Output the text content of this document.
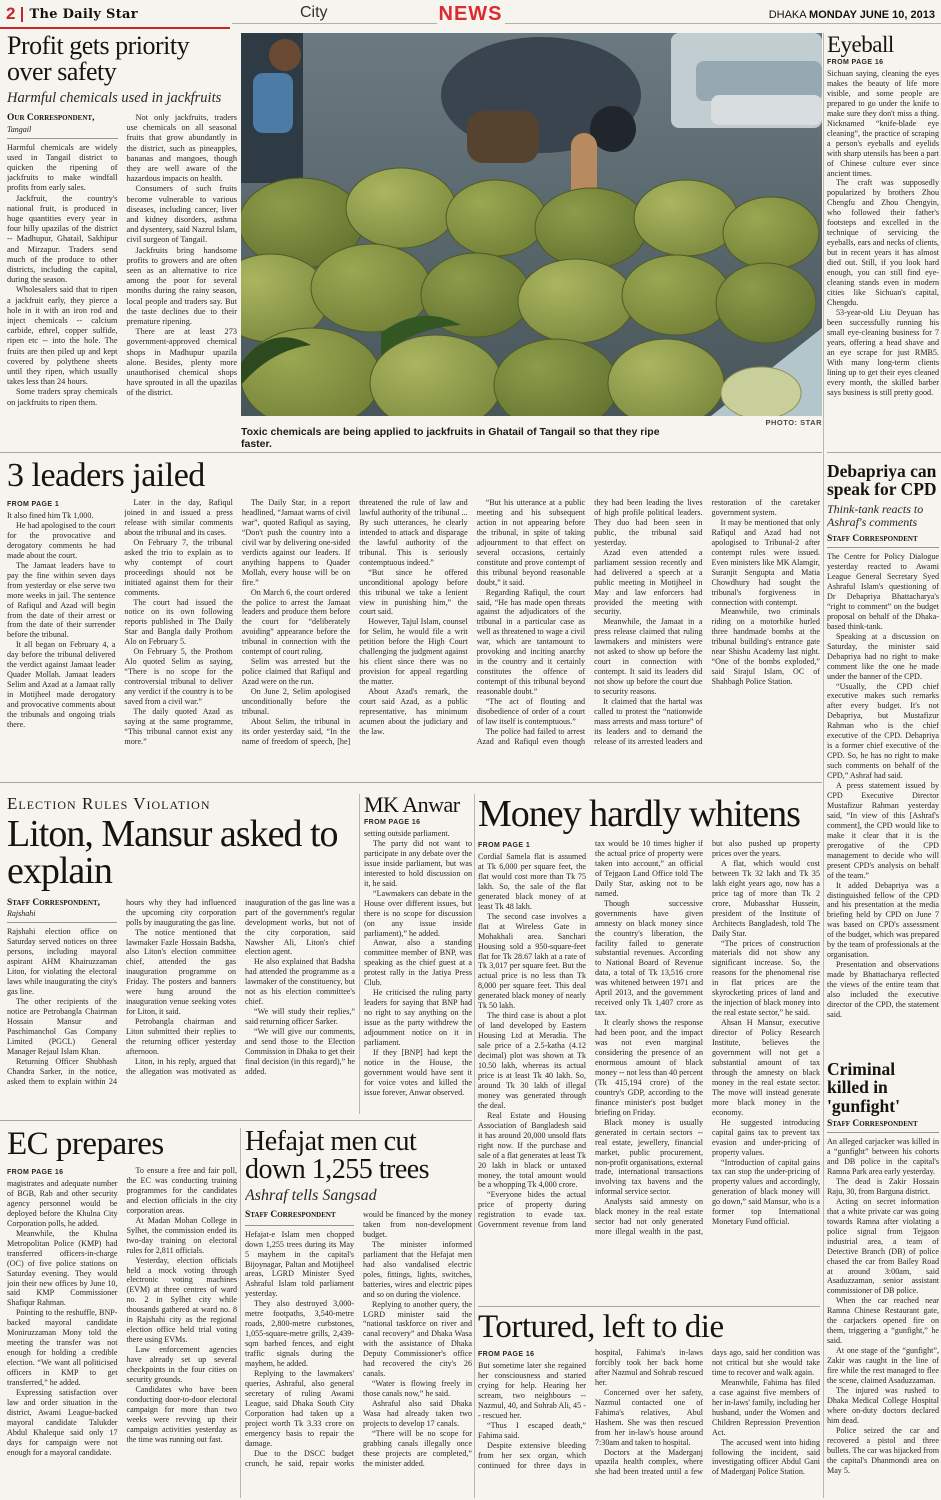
2 The Daily Star	City	NEWS	DHAKA MONDAY JUNE 10, 2013
Profit gets priority over safety
Harmful chemicals used in jackfruits
Our Correspondent,
Tangail

Harmful chemicals are widely used in Tangail district to quicken the ripening of jackfruits to make windfall profits from early sales.

Jackfruit, the country's national fruit, is produced in huge quantities every year in four hilly upazilas of the district -- Madhupur, Ghatail, Sakhipur and Mirzapur. Traders send much of the produce to other districts, including the capital, during the season.

Wholesalers said that to ripen a jackfruit early, they pierce a hole in it with an iron rod and inject chemicals -- calcium carbide, ethrel, copper sulfide, ripen etc -- into the hole. The fruits are then piled up and kept covered by polythene sheets until they ripen, which usually takes less than 24 hours.

Some traders spray chemicals on jackfruits to ripen them.

Not only jackfruits, traders use chemicals on all seasonal fruits that grow abundantly in the district, such as pineapples, bananas and mangoes, though they are well aware of the hazardous impacts on health.

Consumers of such fruits become vulnerable to various diseases, including cancer, liver and kidney disorders, asthma and dysentery, said Nazrul Islam, civil surgeon of Tangail.

Jackfruits bring handsome profits to growers and are often seen as an alternative to rice among the poor for several months during the rainy season, local people and traders say. But the taste declines due to their premature ripening.

There are at least 273 government-approved chemical shops in Madhupur upazila alone. Besides, plenty more unauthorised chemical shops have sprouted in all the upazilas of the district.

Toxic chemicals are being applied to jackfruits in Ghatail of Tangail so that they ripe faster.
PHOTO: STAR
Eyeball
FROM PAGE 16

Sichuan saying, cleaning the eyes makes the beauty of life more visible, and some people are prepared to go under the knife to make sure they don't miss a thing. Nicknamed “knife-blade eye cleaning”, the practice of scraping a person's eyeballs and eyelids with sharp utensils has been a part of Chinese culture ever since ancient times.

The craft was supposedly popularized by brothers Zhou Chengfu and Zhou Chengyin, who followed their father's footsteps and excelled in the technique of servicing the eyeballs, ears and necks of clients, but in recent years it has almost died out. Still, if you look hard enough, you can still find eye-cleaning stands even in modern cities like Sichuan's capital, Chengdu.

53-year-old Liu Deyuan has been successfully running his small eye-cleaning business for 7 years, offering a head shave and an eye scrape for just RMB5. With many long-term clients lining up to get their eyes cleaned every month, the skilled barber says business is still pretty good.

3 leaders jailed
FROM PAGE 1

It also fined him Tk 1,000.

He had apologised to the court for the provocative and derogatory comments he had made about the court.

The Jamaat leaders have to pay the fine within seven days from yesterday or else serve two more weeks in jail. The sentence of Rafiqul and Azad will begin from the date of their arrest or from the date of their surrender before the tribunal.

It all began on February 4, a day before the tribunal delivered the verdict against Jamaat leader Quader Mollah. Jamaat leaders Selim and Azad at a Jamaat rally in Motijheel made derogatory and provocative comments about the tribunals and ongoing trials there.

Later in the day, Rafiqul joined in and issued a press release with similar comments about the tribunal and its cases.

On February 7, the tribunal asked the trio to explain as to why contempt of court proceedings should not be initiated against them for their comments.

The court had issued the notice on its own following reports published in The Daily Star and Bangla daily Prothom Alo on February 5.

On February 5, the Prothom Alo quoted Selim as saying, “There is no scope for the controversial tribunal to deliver any verdict if the country is to be saved from a civil war.”

The daily quoted Azad as saying at the same programme, “This tribunal cannot exist any more.”

The Daily Star, in a report headlined, “Jamaat warns of civil war”, quoted Rafiqul as saying, “Don't push the country into a civil war by delivering one-sided verdicts against our leaders. If anything happens to Quader Mollah, every house will be on fire.”

On March 6, the court ordered the police to arrest the Jamaat leaders and produce them before the court for “deliberately avoiding” appearance before the tribunal in connection with the contempt of court ruling.

Selim was arrested but the police claimed that Rafiqul and Azad were on the run.

On June 2, Selim apologised unconditionally before the tribunal.

About Selim, the tribunal in its order yesterday said, “In the name of freedom of speech, [he] threatened the rule of law and lawful authority of the tribunal ... By such utterances, he clearly intended to attack and disparage the lawful authority of the tribunal. This is seriously contemptuous indeed.”

“But since he offered unconditional apology before this tribunal we take a lenient view in punishing him,” the court said.

However, Tajul Islam, counsel for Selim, he would file a writ petition before the High Court challenging the judgment against his client since there was no provision for appeal regarding the matter.

About Azad's remark, the court said Azad, as a public representative, has minimum acumen about the judiciary and the law.

“But his utterance at a public meeting and his subsequent action in not appearing before the tribunal, in spite of taking adjournment to that effect on several occasions, certainly constitute and prove contempt of this tribunal beyond reasonable doubt,” it said.

Regarding Rafiqul, the court said, “He has made open threats against the adjudicators of the tribunal in a particular case as well as threatened to wage a civil war, which are tantamount to provoking and inciting anarchy in the country and it certainly constitutes the offence of contempt of this tribunal beyond reasonable doubt.”

“The act of flouting and disobedience of order of a court of law itself is contemptuous.”

The police had failed to arrest Azad and Rafiqul even though they had been leading the lives of high profile political leaders. They duo had been seen in public, the tribunal said yesterday.

Azad even attended a parliament session recently and had delivered a speech at a public meeting in Motijheel in May and law enforcers had provided the meeting with security.

Meanwhile, the Jamaat in a press release claimed that ruling lawmakers and ministers were not asked to show up before the court in connection with contempt. It said its leaders did not show up before the court due to security reasons.

It claimed that the hartal was called to protest the “nationwide mass arrests and mass torture” of its leaders and to demand the release of its arrested leaders and restoration of the caretaker government system.

It may be mentioned that only Rafiqul and Azad had not apologised to Tribunal-2 after contempt rules were issued. Even ministers like MK Alamgir, Suranjit Sengupta and Matia Chowdhury had sought the tribunal's forgiveness in connection with contempt.

Meanwhile, two criminals riding on a motorbike hurled three handmade bombs at the tribunal building's entrance gate near Shishu Academy last night. “One of the bombs exploded,” said Sirajul Islam, OC of Shahbagh Police Station.

Debapriya can speak for CPD
Think-tank reacts to Ashraf's comments
Staff Correspondent

The Centre for Policy Dialogue yesterday reacted to Awami League General Secretary Syed Ashraful Islam's questioning of Dr Debapriya Bhattacharya's “right to comment” on the budget proposal on behalf of the Dhaka-based think-tank.

Speaking at a discussion on Saturday, the minister said Debapriya had no right to make comment like the one he made under the banner of the CPD.

“Usually, the CPD chief executive makes such remarks after every budget. It's not Debapriya, but Mustafizur Rahman who is the chief executive of the CPD. Debapriya is a former chief executive of the CPD. So, he has no right to make such comments on behalf of the CPD,” Ashraf had said.

A press statement issued by CPD Executive Director Mustafizur Rahman yesterday said, “In view of this [Ashraf's comment], the CPD would like to make it clear that it is the prerogative of the CPD management to decide who will present CPD's analysis on behalf of the team.”

It added Debapriya was a distinguished fellow of the CPD and his presentation at the media briefing held by CPD on June 7 was based on CPD's assessment of the budget, which was prepared by the team of professionals at the organisation.

Presentation and observations made by Bhattacharya reflected the views of the entire team that also included the executive director of the CPD, the statement said.

Election Rules Violation
Liton, Mansur asked to explain
Staff Correspondent,
Rajshahi

Rajshahi election office on Saturday served notices on three persons, including mayoral aspirant AHM Khairuzzaman Liton, for violating the electoral laws while inaugurating the city's gas line.

The other recipients of the notice are Petrobangla Chairman Hossain Mansur and Paschimanchol Gas Company Limited (PGCL) General Manager Rejaul Islam Khan.

Returning Officer Shubhash Chandra Sarker, in the notice, asked them to explain within 24 hours why they had influenced the upcoming city corporation polls by inaugurating the gas line.

The notice mentioned that lawmaker Fazle Hossain Badsha, also Liton's election committee chief, attended the gas inauguration programme on Friday. The posters and banners were hung around the inauguration venue seeking votes for Liton, it said.

Petrobangla chairman and Liton submitted their replies to the returning officer yesterday afternoon.

Liton, in his reply, argued that the allegation was motivated as inauguration of the gas line was a part of the government's regular development works, but not of the city corporation, said Nawsher Ali, Liton's chief election agent.

He also explained that Badsha had attended the programme as a lawmaker of the constituency, but not as his election committee's chief.

“We will study their replies,” said returning officer Sarker.

“We will give our comments, and send those to the Election Commission in Dhaka to get their final decision (in this regard),” he added.

MK Anwar
FROM PAGE 16

setting outside parliament.

The party did not want to participate in any debate over the issue inside parliament, but was interested to hold discussion on it, he said.

“Lawmakers can debate in the House over different issues, but there is no scope for discussion (on any issue inside parliament),” he added.

Anwar, also a standing committee member of BNP, was speaking as the chief guest at a protest rally in the Jatiya Press Club.

He criticised the ruling party leaders for saying that BNP had no right to say anything on the issue as the party withdrew the adjournment notice on it in parliament.

If they [BNP] had kept the notice in the House, the government would have sent it for voice votes and killed the issue forever, Anwar observed.

Money hardly whitens
FROM PAGE 1

Cordial Samela flat is assumed at Tk 6,000 per square feet, the flat would cost more than Tk 75 lakh. So, the sale of the flat generated black money of at least Tk 48 lakh.

The second case involves a flat at Wireless Gate in Mohakhali area. Sanchari Housing sold a 950-square-feet flat for Tk 28.67 lakh at a rate of Tk 3,017 per square feet. But the actual price is no less than Tk 8,000 per square feet. This deal generated black money of nearly Tk 50 lakh.

The third case is about a plot of land developed by Eastern Housing Ltd at Meradia. The sale price of a 2.5-katha (4.12 decimal) plot was shown at Tk 10.50 lakh, whereas its actual price is at least Tk 40 lakh. So, around Tk 30 lakh of illegal money was generated through the deal.

Real Estate and Housing Association of Bangladesh said it has around 20,000 unsold flats right now. If the purchase and sale of a flat generates at least Tk 20 lakh in black or untaxed money, the total amount would be a whopping Tk 4,000 crore.

“Everyone hides the actual price of property during registration to evade tax. Government revenue from land tax would be 10 times higher if the actual price of property were taken into account,” an official of Tejgaon Land Office told The Daily Star, asking not to be named.

Though successive governments have given amnesty on black money since the country's liberation, the facility failed to generate substantial revenues. According to National Board of Revenue data, a total of Tk 13,516 crore was whitened between 1971 and April 2013, and the government received only Tk 1,407 crore as tax.

It clearly shows the response had been poor, and the impact was not even marginal considering the presence of an enormous amount of black money -- not less than 40 percent (Tk 415,194 crore) of the country's GDP, according to the finance minister's post budget briefing on Friday.

Black money is usually generated in certain sectors -- real estate, jewellery, financial market, public procurement, non-profit organisations, external trade, international transactions involving tax havens and the informal service sector.

Analysts said amnesty on black money in the real estate sector had not only generated more illegal wealth in the past, but also pushed up property prices over the years.

A flat, which would cost between Tk 32 lakh and Tk 35 lakh eight years ago, now has a price tag of more than Tk 2 crore, Mubasshar Hussein, president of the Institute of Architects Bangladesh, told The Daily Star.

“The prices of construction materials did not show any significant increase. So, the reasons for the phenomenal rise in flat prices are the skyrocketing prices of land and the injection of black money into the real estate sector,” he said.

Ahsan H Mansur, executive director of Policy Research Institute, believes the government will not get a substantial amount of tax through the amnesty on black money in the real estate sector. The move will instead generate more black money in the economy.

He suggested introducing capital gains tax to prevent tax evasion and under-pricing of property values.

“Introduction of capital gains tax can stop the under-pricing of property values and accordingly, generation of black money will go down,” said Mansur, who is a former top International Monetary Fund official.

EC prepares
FROM PAGE 16

magistrates and adequate number of BGB, Rab and other security agency personnel would be deployed before the Khulna City Corporation polls, he added.

Meanwhile, the Khulna Metropolitan Police (KMP) had transferred officers-in-charge (OC) of five police stations on Saturday evening. They would join their new offices by June 10, said KMP Commissioner Shafiqur Rahman.

Pointing to the reshuffle, BNP-backed mayoral candidate Moniruzzaman Mony told the meeting the transfer was not enough for holding a credible election. “We want all politicised officers in KMP to get transferred,” he added.

Expressing satisfaction over law and order situation in the district, Awami League-backed mayoral candidate Talukder Abdul Khaleque said only 17 days for campaign were not enough for a mayoral candidate.

To ensure a free and fair poll, the EC was conducting training programmes for the candidates and election officials in the city corporation areas.

At Madan Mohan College in Sylhet, the commission ended its two-day training on electoral rules for 2,811 officials.

Yesterday, election officials held a mock voting through electronic voting machines (EVM) at three centres of ward no. 2 in Sylhet city while thousands gathered at ward no. 8 in Rajshahi city as the regional election office held trial voting there using EVMs.

Law enforcement agencies have already set up several checkpoints in the four cities on security grounds.

Candidates who have been conducting door-to-door electoral campaign for more than two weeks were revving up their campaign activities yesterday as the time was running out fast.

Hefajat men cut down 1,255 trees
Ashraf tells Sangsad
Staff Correspondent

Hefajat-e Islam men chopped down 1,255 trees during its May 5 mayhem in the capital's Bijoynagar, Paltan and Motijheel areas, LGRD Minister Syed Ashraful Islam told parliament yesterday.

They also destroyed 3,000-metre footpaths, 3,540-metre roads, 2,800-metre curbstones, 1,055-square-metre grills, 2,439-sqm barbed fences, and eight traffic signals during the mayhem, he added.

Replying to the lawmakers' queries, Ashraful, also general secretary of ruling Awami League, said Dhaka South City Corporation had taken up a project worth Tk 3.33 crore on emergency basis to repair the damage.

Due to the DSCC budget crunch, he said, repair works would be financed by the money taken from non-development budget.

The minister informed parliament that the Hefajat men had also vandalised electric poles, fittings, lights, switches, batteries, wires and electric pipes and so on during the violence.

Replying to another query, the LGRD minister said the “national taskforce on river and canal recovery” and Dhaka Wasa with the assistance of Dhaka Deputy Commissioner's office had recovered the city's 26 canals.

“Water is flowing freely in those canals now,” he said.

Ashraful also said Dhaka Wasa had already taken two projects to develop 17 canals.

“There will be no scope for grabbing canals illegally once these projects are completed,” the minister added.

Tortured, left to die
FROM PAGE 16

But sometime later she regained her consciousness and started crying for help. Hearing her scream, two neighbours -- Nazmul, 40, and Sohrab Ali, 45 -- rescued her.

“Thus I escaped death,” Fahima said.

Despite extensive bleeding from her sex organ, which continued for three days in hospital, Fahima's in-laws forcibly took her back home after Nazmul and Sohrab rescued her.

Concerned over her safety, Nazmul contacted one of Fahima's relatives, Abul Hashem. She was then rescued from her in-law's house around 7:30am and taken to hospital.

Doctors at the Maderganj upazila health complex, where she had been treated until a few days ago, said her condition was not critical but she would take time to recover and walk again.

Meanwhile, Fahima has filed a case against five members of her in-laws' family, including her husband, under the Women and Children Repression Prevention Act.

The accused went into hiding following the incident, said investigating officer Abdul Gani of Maderganj Police Station.

Criminal killed in 'gunfight'
Staff Correspondent

An alleged carjacker was killed in a “gunfight” between his cohorts and DB police in the capital's Ramna Park area early yesterday.

The dead is Zakir Hossain Raju, 30, from Barguna district.

Acting on secret information that a white private car was going towards Ramna after violating a police signal from Tejgaon industrial area, a team of Detective Branch (DB) of police chased the car from Bailey Road at around 3:00am, said Asaduzzaman, senior assistant commissioner of DB police.

When the car reached near Ramna Chinese Restaurant gate, the carjackers opened fire on them, triggering a “gunfight,” he said.

At one stage of the “gunfight”, Zakir was caught in the line of fire while the rest managed to flee the scene, claimed Asaduzzaman.

The injured was rushed to Dhaka Medical College Hospital where on-duty doctors declared him dead.

Police seized the car and recovered a pistol and three bullets. The car was hijacked from the capital's Dhanmondi area on May 5.
